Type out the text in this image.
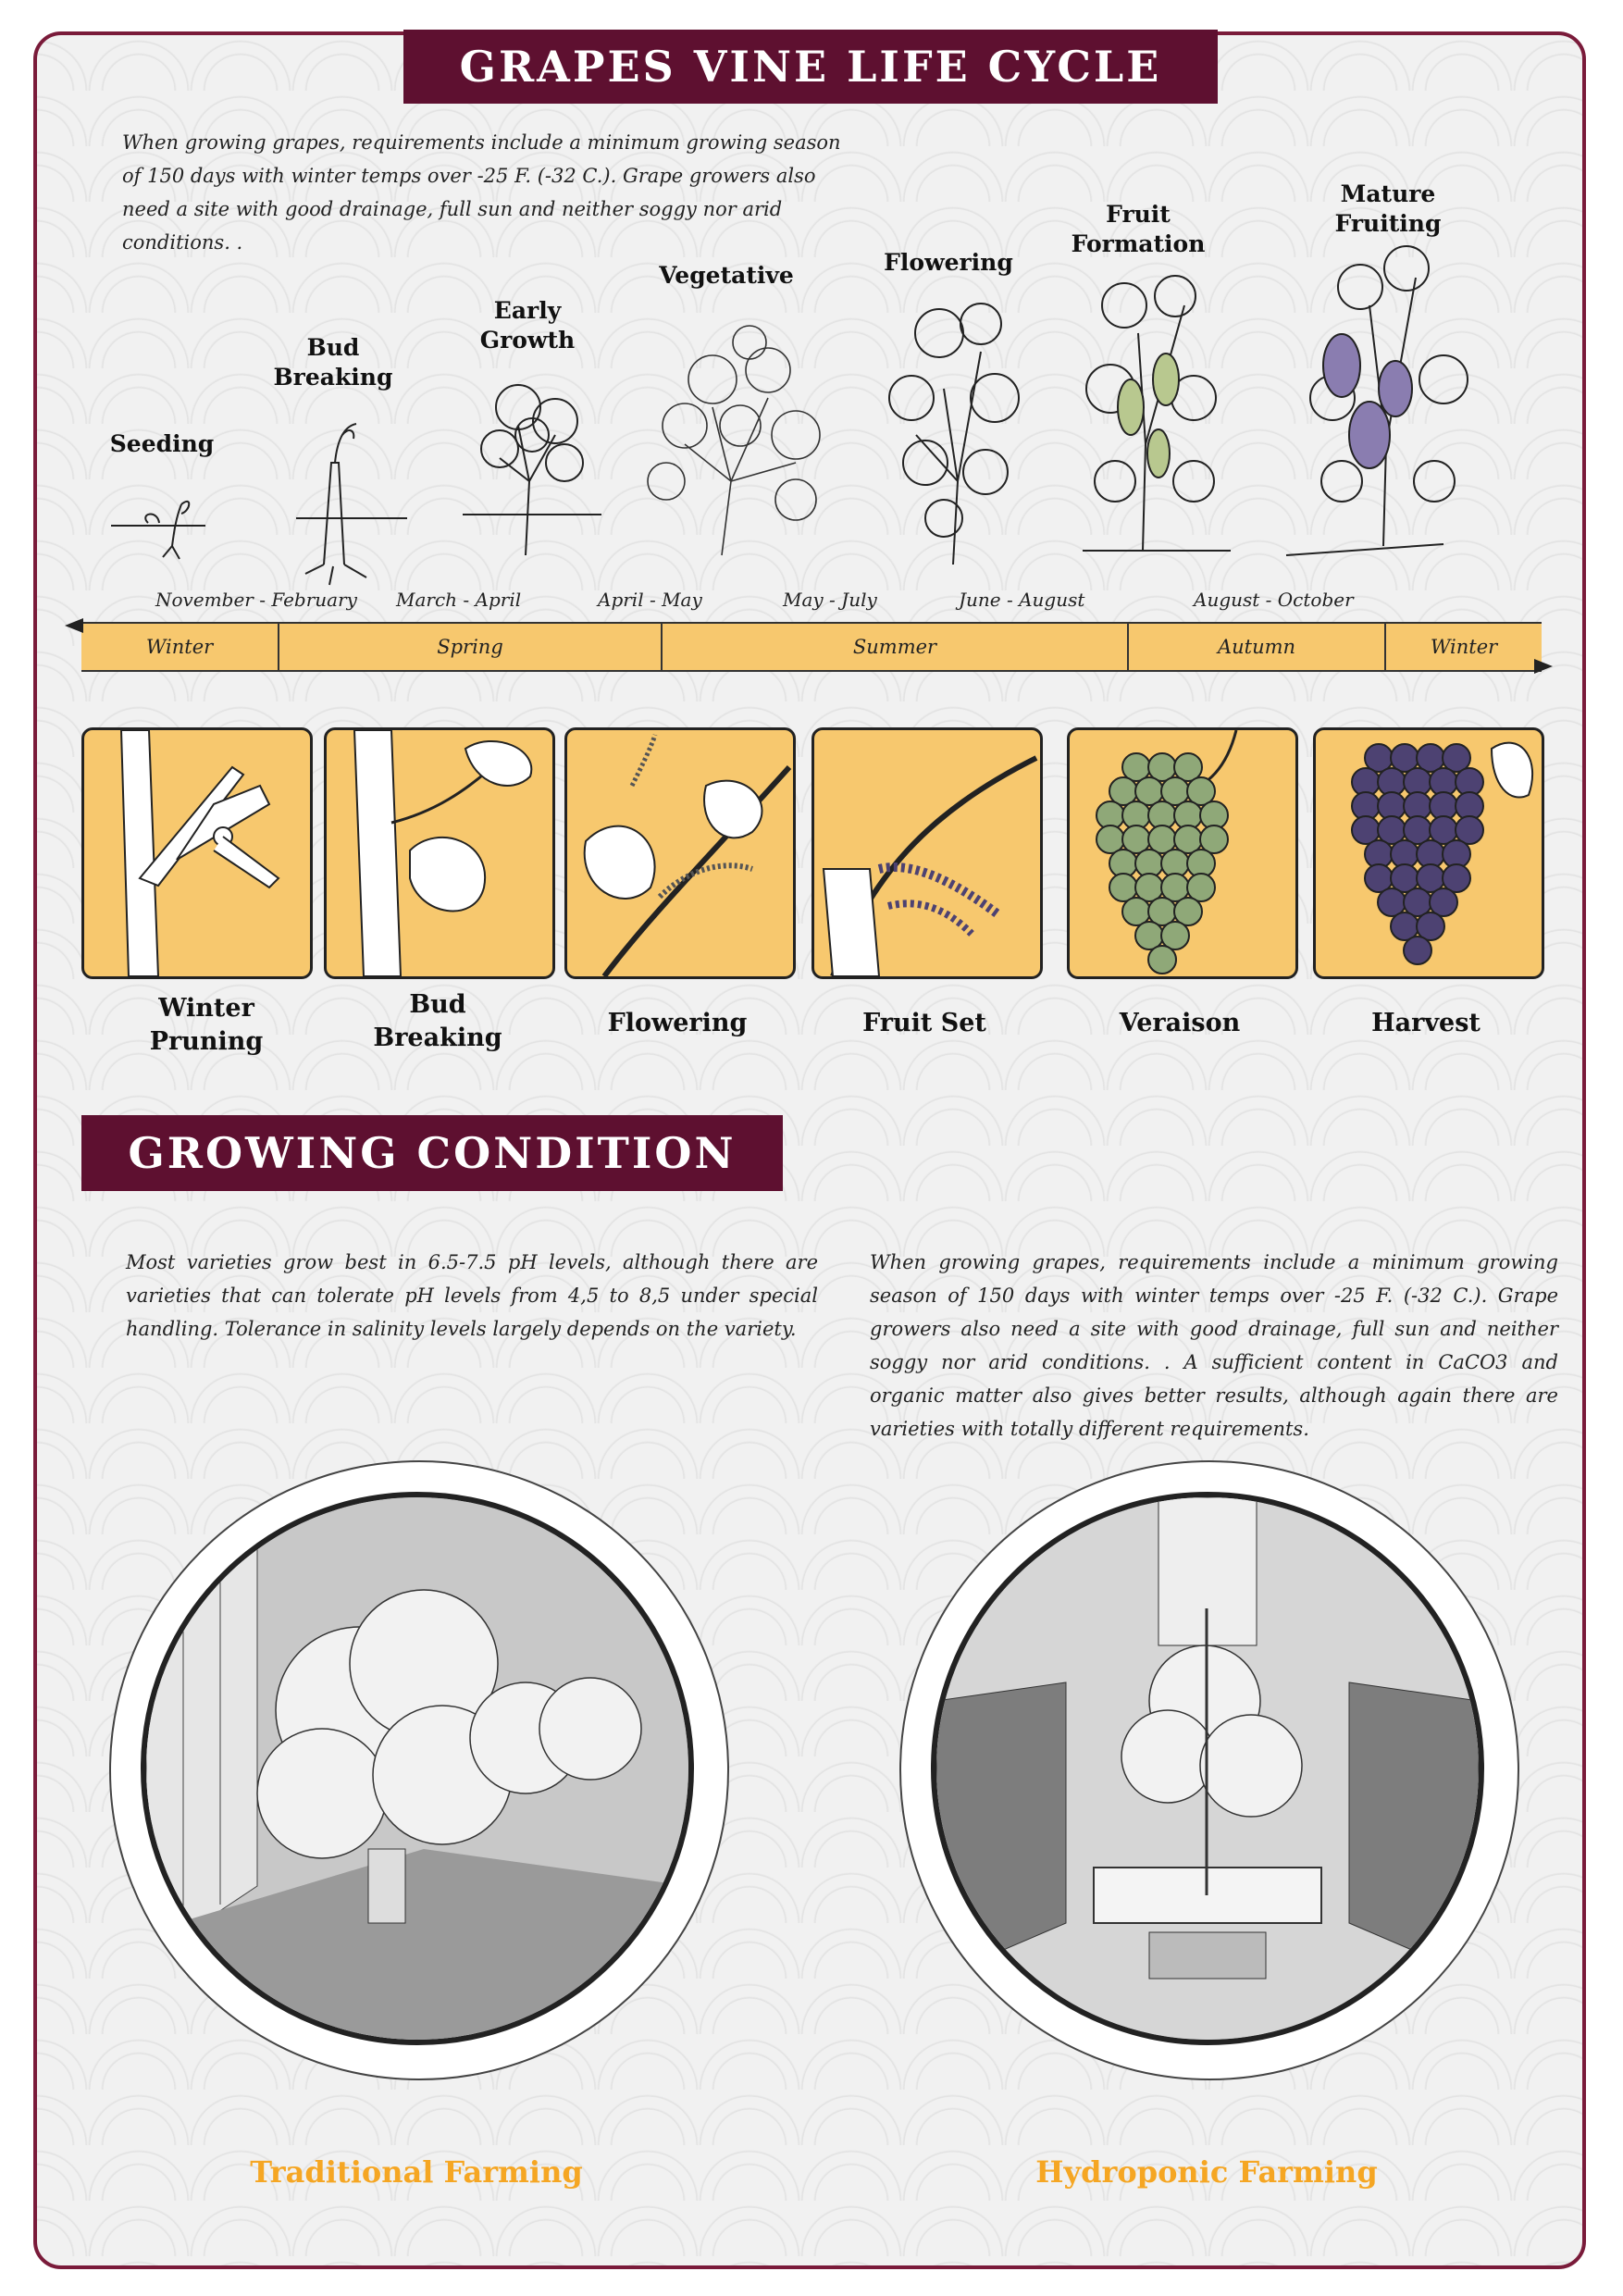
GRAPES VINE LIFE CYCLE

When growing grapes, requirements include a minimum growing season of 150 days with winter temps over -25 F. (-32 C.). Grape growers also need a site with good drainage, full sun and neither soggy nor arid conditions. .

Seeding
Bud Breaking
Early Growth
Vegetative	Flowering
Fruit Formation
Mature Fruiting
November - February March - April	April - May	May - July	June - August	August - October
Winter	Spring	Summer	Autumn	Winter
Winter Pruning
Bud Breaking
Flowering	Fruit Set	Veraison	Harvest
GROWING CONDITION

Most varieties grow best in 6.5-7.5 pH levels, although there are varieties that can tolerate pH levels from 4,5 to 8,5 under special handling. Tolerance in salinity levels largely depends on the variety.

When growing grapes, requirements include a minimum growing season of 150 days with winter temps over -25 F. (-32 C.). Grape growers also need a site with good drainage, full sun and neither soggy nor arid conditions. . A sufficient content in CaCO3 and organic matter also gives better results, although again there are varieties with totally different requirements.

Traditional Farming	Hydroponic Farming
